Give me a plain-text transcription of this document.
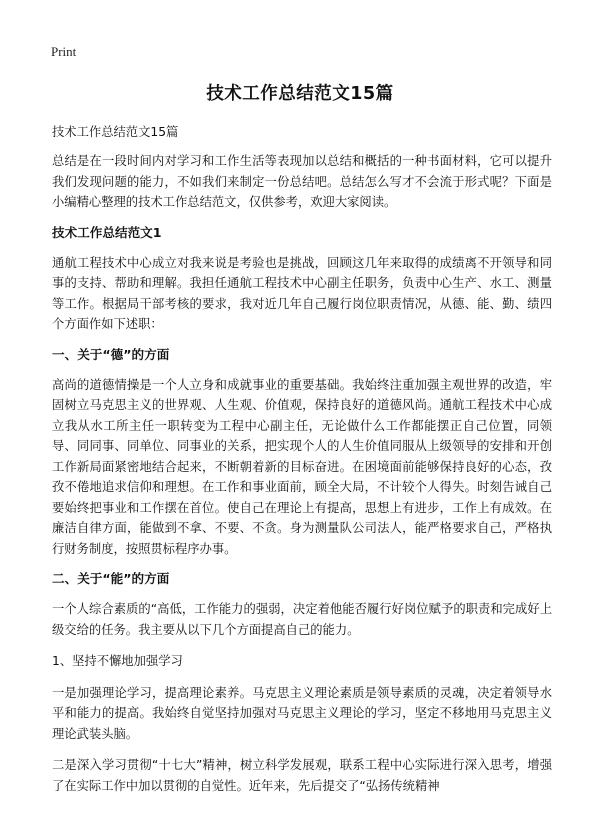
Print
技术工作总结范文15篇
技术工作总结范文15篇

总结是在一段时间内对学习和工作生活等表现加以总结和概括的一种书面材料，它可以提升我们发现问题的能力，不如我们来制定一份总结吧。总结怎么写才不会流于形式呢？下面是小编精心整理的技术工作总结范文，仅供参考，欢迎大家阅读。

技术工作总结范文1

通航工程技术中心成立对我来说是考验也是挑战，回顾这几年来取得的成绩离不开领导和同事的支持、帮助和理解。我担任通航工程技术中心副主任职务，负责中心生产、水工、测量等工作。根据局干部考核的要求，我对近几年自己履行岗位职责情况，从德、能、勤、绩四个方面作如下述职：

一、关于“德”的方面

高尚的道德情操是一个人立身和成就事业的重要基础。我始终注重加强主观世界的改造，牢固树立马克思主义的世界观、人生观、价值观，保持良好的道德风尚。通航工程技术中心成立我从水工所主任一职转变为工程中心副主任，无论做什么工作都能摆正自己位置，同领导、同同事、同单位、同事业的关系，把实现个人的人生价值同服从上级领导的安排和开创工作新局面紧密地结合起来，不断朝着新的目标奋进。在困境面前能够保持良好的心态，孜孜不倦地追求信仰和理想。在工作和事业面前，顾全大局，不计较个人得失。时刻告诫自己要始终把事业和工作摆在首位。使自己在理论上有提高，思想上有进步，工作上有成效。在廉洁自律方面，能做到不拿、不要、不贪。身为测量队公司法人，能严格要求自己，严格执行财务制度，按照贯标程序办事。

二、关于“能”的方面

一个人综合素质的“高低，工作能力的强弱，决定着他能否履行好岗位赋予的职责和完成好上级交给的任务。我主要从以下几个方面提高自己的能力。

1、坚持不懈地加强学习

一是加强理论学习，提高理论素养。马克思主义理论素质是领导素质的灵魂，决定着领导水平和能力的提高。我始终自觉坚持加强对马克思主义理论的学习，坚定不移地用马克思主义理论武装头脑。

二是深入学习贯彻“十七大”精神，树立科学发展观，联系工程中心实际进行深入思考，增强了在实际工作中加以贯彻的自觉性。近年来，先后提交了“弘扬传统精神
